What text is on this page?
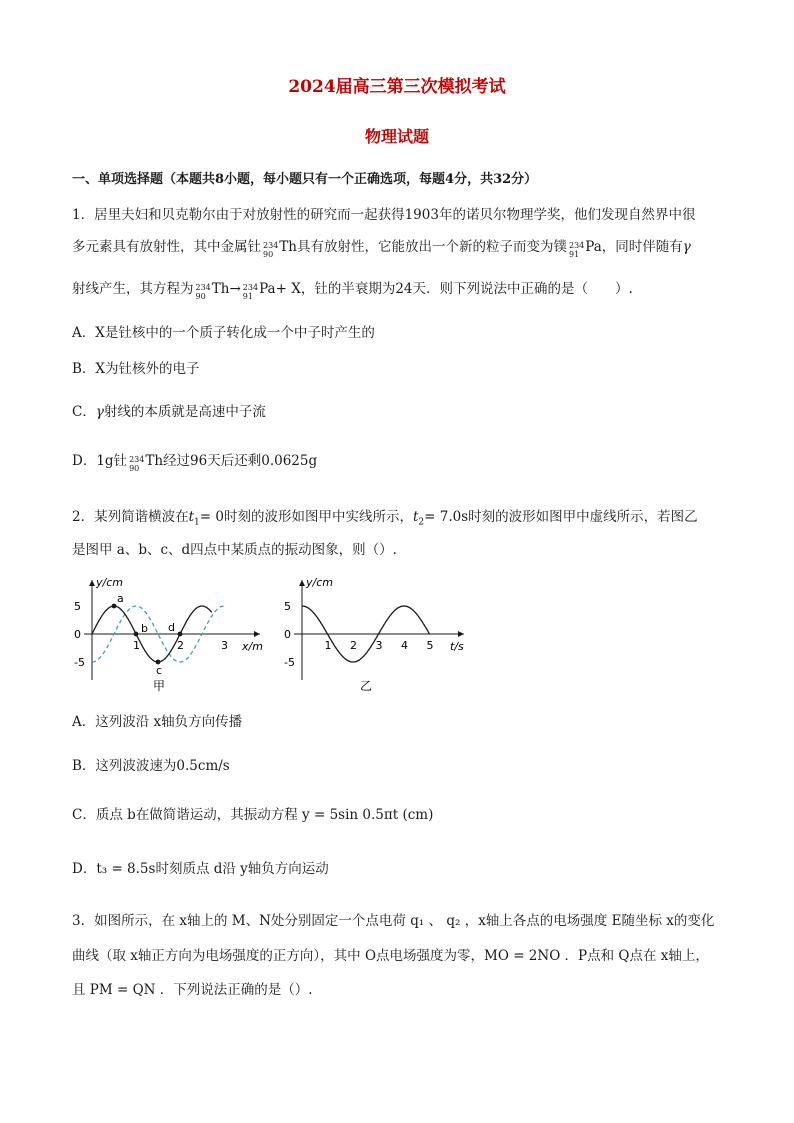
2024届高三第三次模拟考试
物理试题
一、单项选择题（本题共8小题，每小题只有一个正确选项，每题4分，共32分）
1．居里夫妇和贝克勒尔由于对放射性的研究而一起获得1903年的诺贝尔物理学奖，他们发现自然界中很
多元素具有放射性，其中金属钍 234
90 Th具有放射性，它能放出一个新的粒子而变为镤 234
91 Pa，同时伴随有γ
射线产生，其方程为 234
90 Th→ 234
91 Pa+ X，钍的半衰期为24天．则下列说法中正确的是（　　）.
A．X是钍核中的一个质子转化成一个中子时产生的
B．X为钍核外的电子
C．γ射线的本质就是高速中子流
D．1g钍 234
90 Th经过96天后还剩0.0625g
2．某列简谐横波在$t_1= 0$时刻的波形如图甲中实线所示，$t_2= 7.0s$时刻的波形如图甲中虚线所示，若图乙
是图甲 a、b、c、d四点中某质点的振动图象，则（）.
y/cm
x/m
5
0
-5
1	2	3
a
b
c
d
甲
y/cm
t/s
5
0
-5
1 2 3 4 5
乙
A．这列波沿 x轴负方向传播
B．这列波波速为0.5cm/s
C．质点 b在做简谐运动，其振动方程 y = 5sin 0.5πt (cm)
D．t₃ = 8.5s时刻质点 d沿 y轴负方向运动
3．如图所示，在 x轴上的 M、N处分别固定一个点电荷 q₁ 、 q₂ ，x轴上各点的电场强度 E随坐标 x的变化
曲线（取 x轴正方向为电场强度的正方向），其中 O点电场强度为零，MO = 2NO ．P点和 Q点在 x轴上，
且 PM = QN ．下列说法正确的是（）.
